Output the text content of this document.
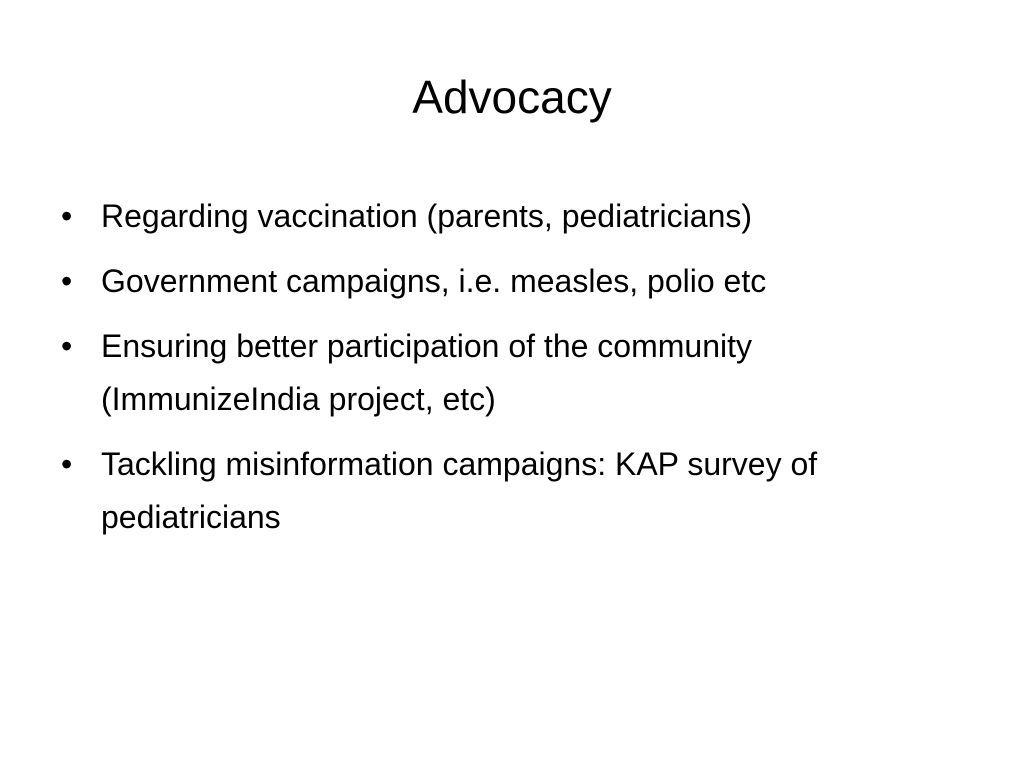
Advocacy
• Regarding vaccination (parents, pediatricians)
• Government campaigns, i.e. measles, polio etc
• Ensuring better participation of the community (ImmunizeIndia project, etc)
• Tackling misinformation campaigns: KAP survey of pediatricians
